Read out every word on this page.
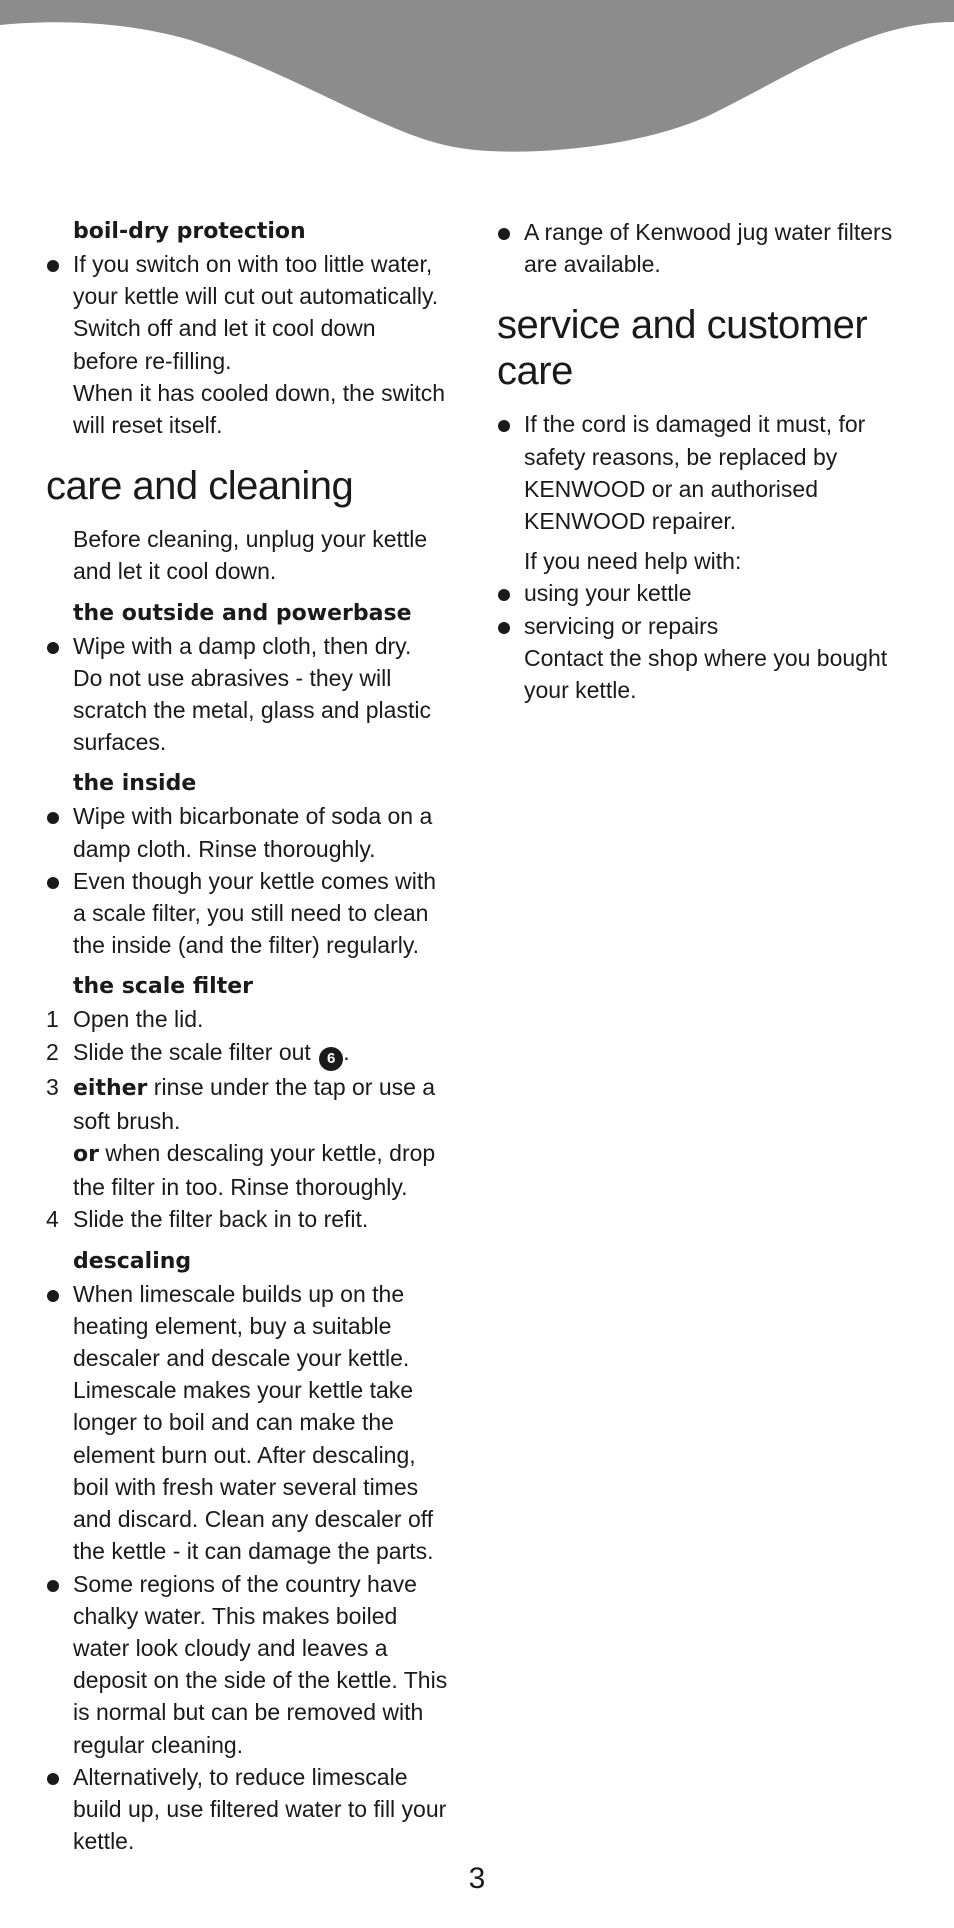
boil-dry protection
If you switch on with too little water,
your kettle will cut out automatically.
Switch off and let it cool down
before re-filling.
When it has cooled down, the switch
will reset itself.
care and cleaning
Before cleaning, unplug your kettle
and let it cool down.
the outside and powerbase
Wipe with a damp cloth, then dry.
Do not use abrasives - they will
scratch the metal, glass and plastic
surfaces.
the inside
Wipe with bicarbonate of soda on a
damp cloth. Rinse thoroughly.
Even though your kettle comes with
a scale filter, you still need to clean
the inside (and the filter) regularly.
the scale filter
1 Open the lid.
2 Slide the scale filter out 6 .
3 either rinse under the tap or use a
soft brush.
or when descaling your kettle, drop
the filter in too. Rinse thoroughly.
4 Slide the filter back in to refit.
descaling
When limescale builds up on the
heating element, buy a suitable
descaler and descale your kettle.
Limescale makes your kettle take
longer to boil and can make the
element burn out. After descaling,
boil with fresh water several times
and discard. Clean any descaler off
the kettle - it can damage the parts.
Some regions of the country have
chalky water. This makes boiled
water look cloudy and leaves a
deposit on the side of the kettle. This
is normal but can be removed with
regular cleaning.
Alternatively, to reduce limescale
build up, use filtered water to fill your
kettle.
A range of Kenwood jug water filters
are available.
service and customer
care
If the cord is damaged it must, for
safety reasons, be replaced by
KENWOOD or an authorised
KENWOOD repairer.
If you need help with:
using your kettle
servicing or repairs
Contact the shop where you bought
your kettle.
3
